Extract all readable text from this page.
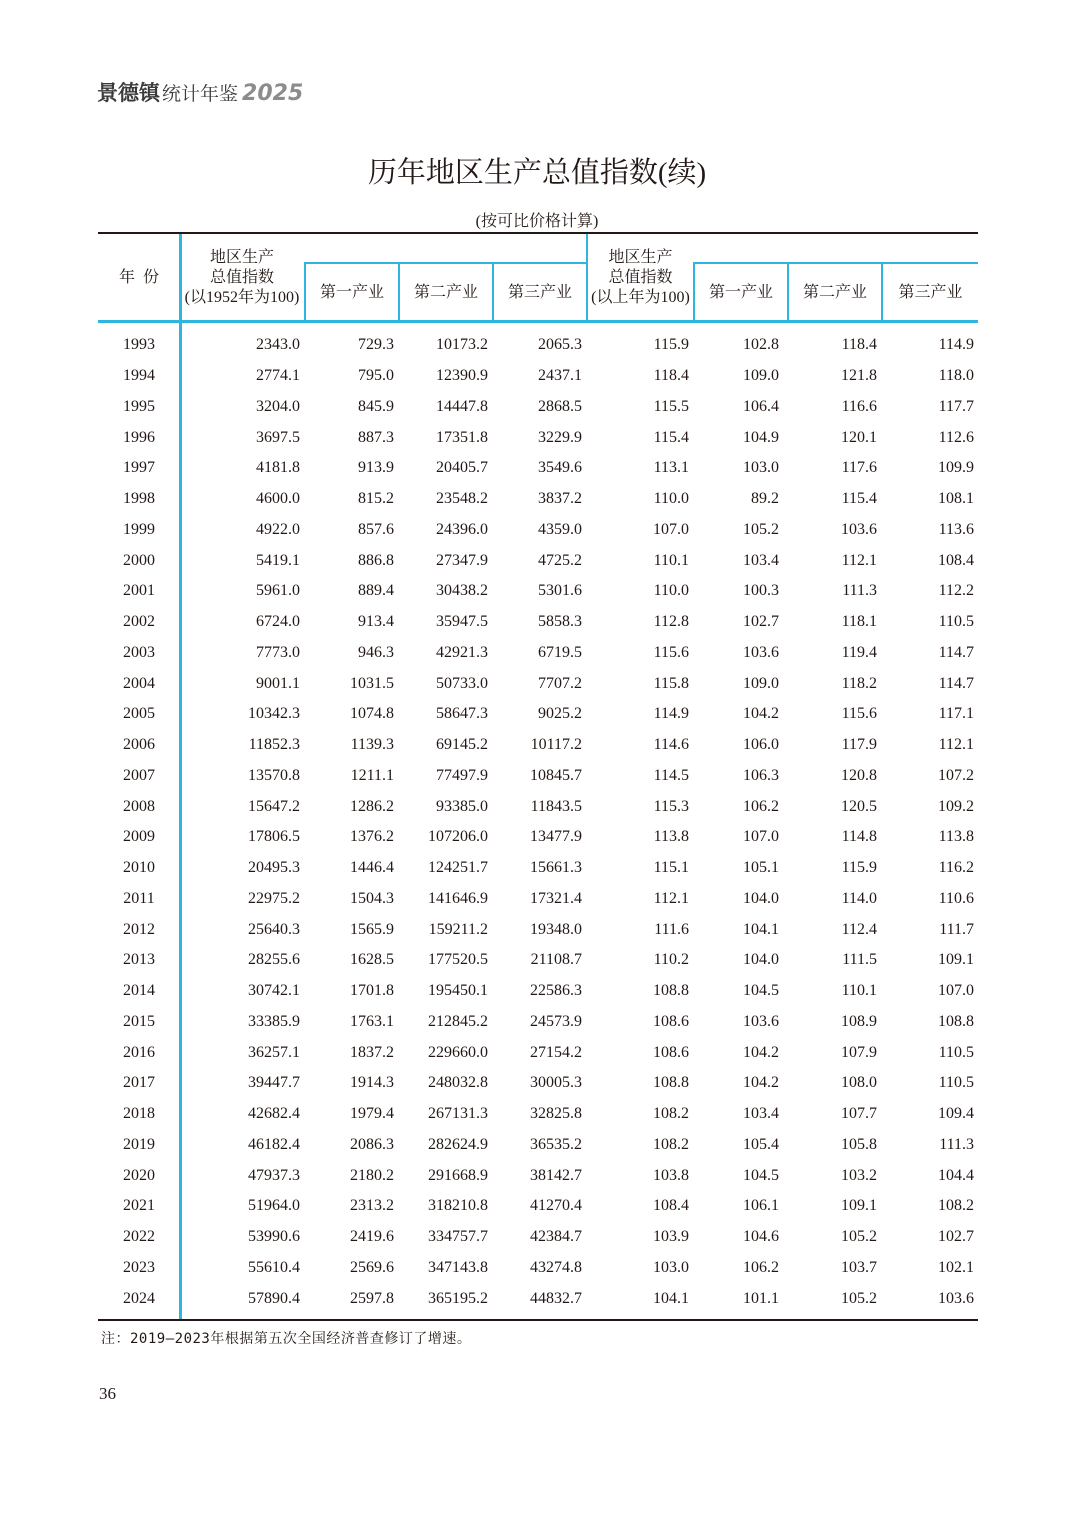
景德镇 统计年鉴 2025
历年地区生产总值指数(续)
(按可比价格计算)
年  份
地区生产
总值指数
(以1952年为100)	第一产业	第二产业	第三产业
地区生产
总值指数
(以上年为100)	第一产业	第二产业	第三产业
1993	2343.0	729.3	10173.2	2065.3	115.9	102.8	118.4	114.9
1994	2774.1	795.0	12390.9	2437.1	118.4	109.0	121.8	118.0
1995	3204.0	845.9	14447.8	2868.5	115.5	106.4	116.6	117.7
1996	3697.5	887.3	17351.8	3229.9	115.4	104.9	120.1	112.6
1997	4181.8	913.9	20405.7	3549.6	113.1	103.0	117.6	109.9
1998	4600.0	815.2	23548.2	3837.2	110.0	89.2	115.4	108.1
1999	4922.0	857.6	24396.0	4359.0	107.0	105.2	103.6	113.6
2000	5419.1	886.8	27347.9	4725.2	110.1	103.4	112.1	108.4
2001	5961.0	889.4	30438.2	5301.6	110.0	100.3	111.3	112.2
2002	6724.0	913.4	35947.5	5858.3	112.8	102.7	118.1	110.5
2003	7773.0	946.3	42921.3	6719.5	115.6	103.6	119.4	114.7
2004	9001.1	1031.5	50733.0	7707.2	115.8	109.0	118.2	114.7
2005	10342.3	1074.8	58647.3	9025.2	114.9	104.2	115.6	117.1
2006	11852.3	1139.3	69145.2	10117.2	114.6	106.0	117.9	112.1
2007	13570.8	1211.1	77497.9	10845.7	114.5	106.3	120.8	107.2
2008	15647.2	1286.2	93385.0	11843.5	115.3	106.2	120.5	109.2
2009	17806.5	1376.2	107206.0	13477.9	113.8	107.0	114.8	113.8
2010	20495.3	1446.4	124251.7	15661.3	115.1	105.1	115.9	116.2
2011	22975.2	1504.3	141646.9	17321.4	112.1	104.0	114.0	110.6
2012	25640.3	1565.9	159211.2	19348.0	111.6	104.1	112.4	111.7
2013	28255.6	1628.5	177520.5	21108.7	110.2	104.0	111.5	109.1
2014	30742.1	1701.8	195450.1	22586.3	108.8	104.5	110.1	107.0
2015	33385.9	1763.1	212845.2	24573.9	108.6	103.6	108.9	108.8
2016	36257.1	1837.2	229660.0	27154.2	108.6	104.2	107.9	110.5
2017	39447.7	1914.3	248032.8	30005.3	108.8	104.2	108.0	110.5
2018	42682.4	1979.4	267131.3	32825.8	108.2	103.4	107.7	109.4
2019	46182.4	2086.3	282624.9	36535.2	108.2	105.4	105.8	111.3
2020	47937.3	2180.2	291668.9	38142.7	103.8	104.5	103.2	104.4
2021	51964.0	2313.2	318210.8	41270.4	108.4	106.1	109.1	108.2
2022	53990.6	2419.6	334757.7	42384.7	103.9	104.6	105.2	102.7
2023	55610.4	2569.6	347143.8	43274.8	103.0	106.2	103.7	102.1
2024	57890.4	2597.8	365195.2	44832.7	104.1	101.1	105.2	103.6
注：2019—2023年根据第五次全国经济普查修订了增速。
36
